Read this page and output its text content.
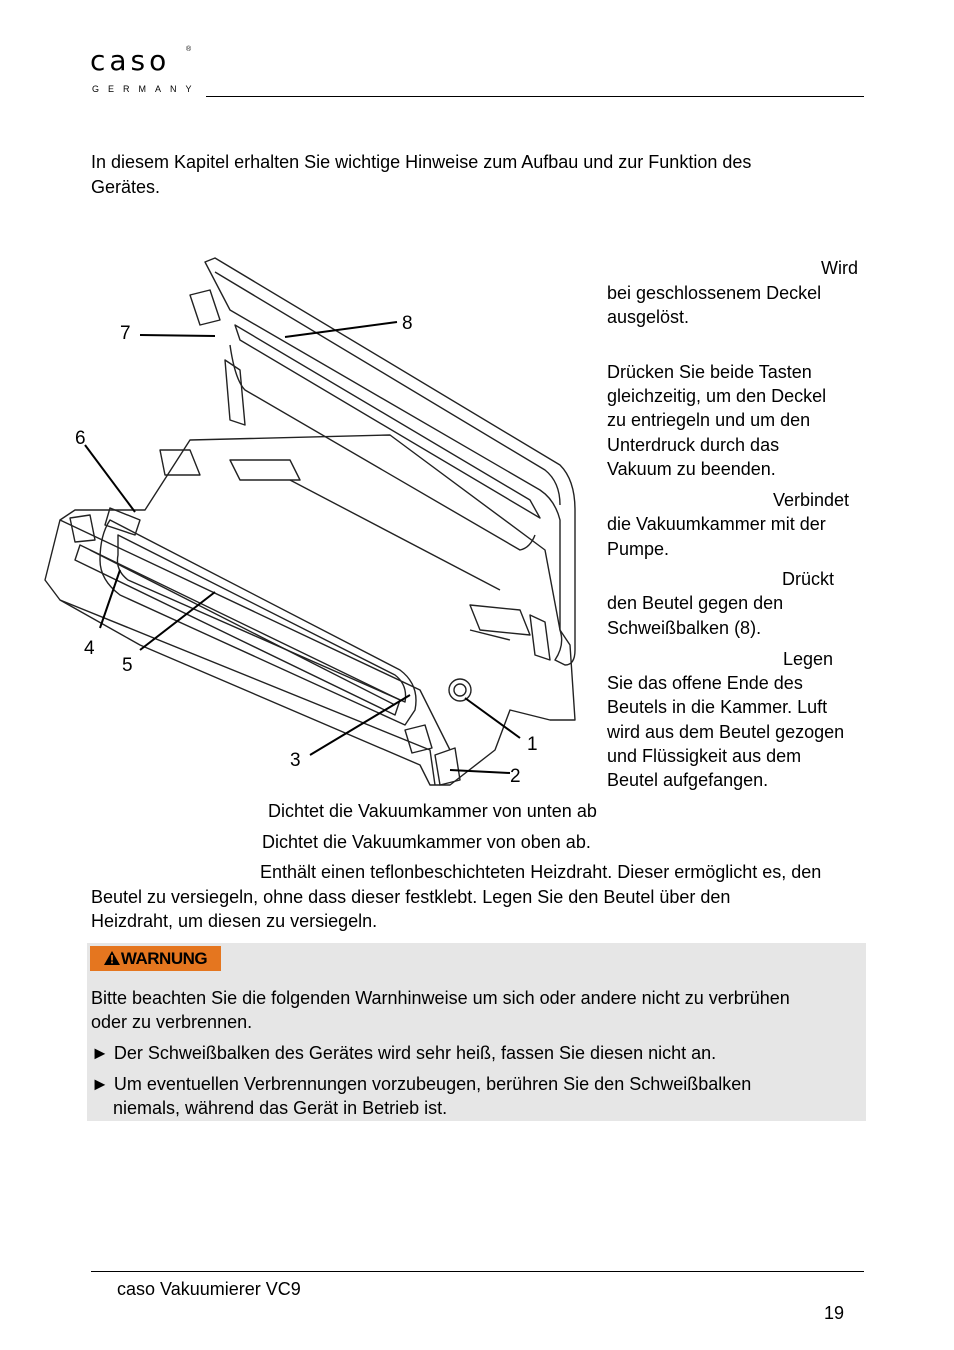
caso ®
GERMANY
In diesem Kapitel erhalten Sie wichtige Hinweise zum Aufbau und zur Funktion des
Gerätes.
1
2
3
4
5
6
7	8
Wird
bei geschlossenem Deckel
ausgelöst.
Drücken Sie beide Tasten
gleichzeitig, um den Deckel
zu entriegeln und um den
Unterdruck durch das
Vakuum zu beenden.
Verbindet
die Vakuumkammer mit der
Pumpe.
Drückt
den Beutel gegen den
Schweißbalken (8).
Legen
Sie das offene Ende des
Beutels in die Kammer. Luft
wird aus dem Beutel gezogen
und Flüssigkeit aus dem
Beutel aufgefangen.
Dichtet die Vakuumkammer von unten ab
Dichtet die Vakuumkammer von oben ab.
Enthält einen teflonbeschichteten Heizdraht. Dieser ermöglicht es, den
Beutel zu versiegeln, ohne dass dieser festklebt. Legen Sie den Beutel über den
Heizdraht, um diesen zu versiegeln.
WARNUNG
Bitte beachten Sie die folgenden Warnhinweise um sich oder andere nicht zu verbrühen
oder zu verbrennen.
► Der Schweißbalken des Gerätes wird sehr heiß, fassen Sie diesen nicht an.
► Um eventuellen Verbrennungen vorzubeugen, berühren Sie den Schweißbalken
niemals, während das Gerät in Betrieb ist.
caso Vakuumierer VC9
19
